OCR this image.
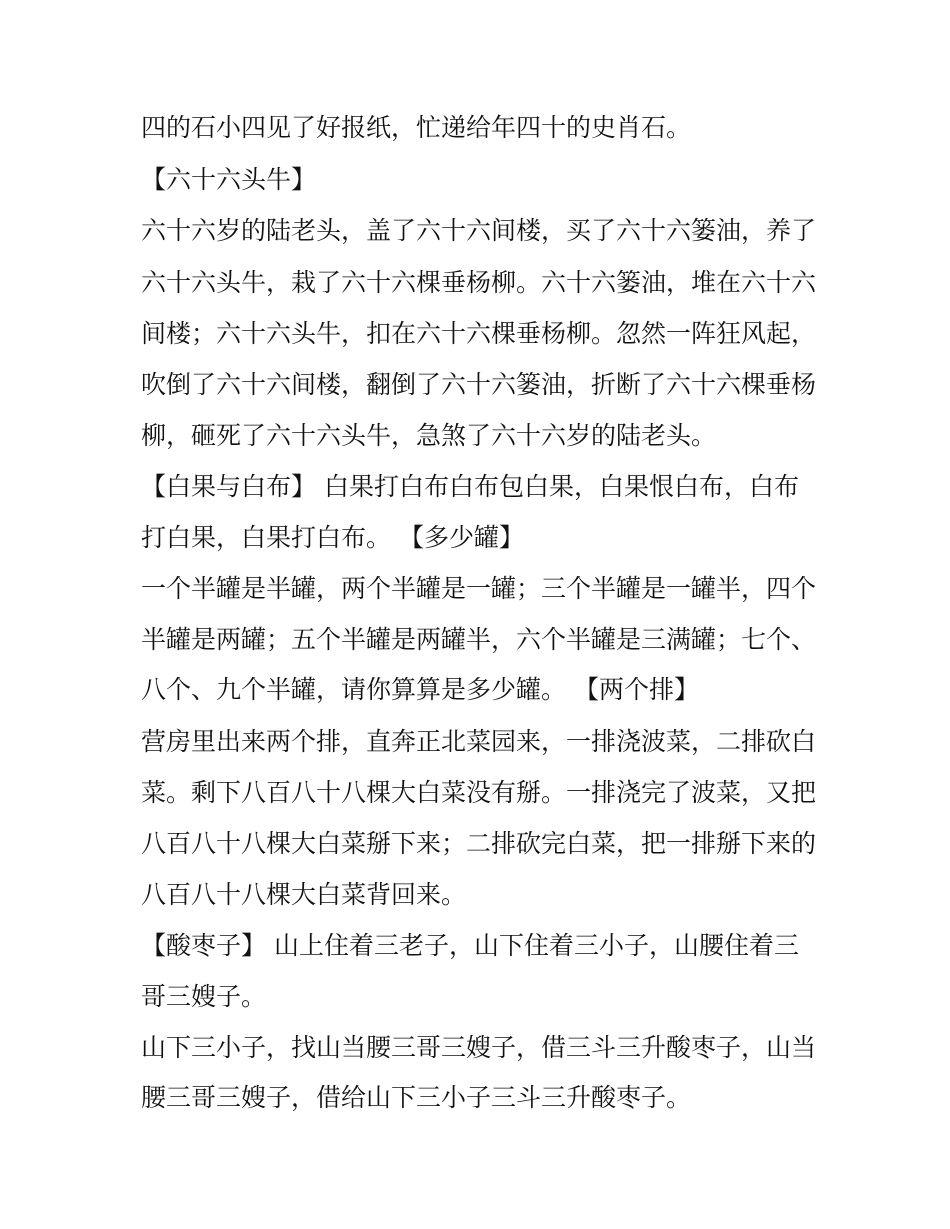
四的石小四见了好报纸，忙递给年四十的史肖石。

【六十六头牛】

六十六岁的陆老头，盖了六十六间楼，买了六十六篓油，养了

六十六头牛，栽了六十六棵垂杨柳。六十六篓油，堆在六十六

间楼；六十六头牛，扣在六十六棵垂杨柳。忽然一阵狂风起，

吹倒了六十六间楼，翻倒了六十六篓油，折断了六十六棵垂杨

柳，砸死了六十六头牛，急煞了六十六岁的陆老头。

【白果与白布】 白果打白布白布包白果，白果恨白布，白布

打白果，白果打白布。 【多少罐】

一个半罐是半罐，两个半罐是一罐；三个半罐是一罐半，四个

半罐是两罐；五个半罐是两罐半，六个半罐是三满罐；七个、

八个、九个半罐，请你算算是多少罐。 【两个排】

营房里出来两个排，直奔正北菜园来，一排浇波菜，二排砍白

菜。剩下八百八十八棵大白菜没有掰。一排浇完了波菜，又把

八百八十八棵大白菜掰下来；二排砍完白菜，把一排掰下来的

八百八十八棵大白菜背回来。

【酸枣子】 山上住着三老子，山下住着三小子，山腰住着三

哥三嫂子。

山下三小子，找山当腰三哥三嫂子，借三斗三升酸枣子，山当

腰三哥三嫂子，借给山下三小子三斗三升酸枣子。
